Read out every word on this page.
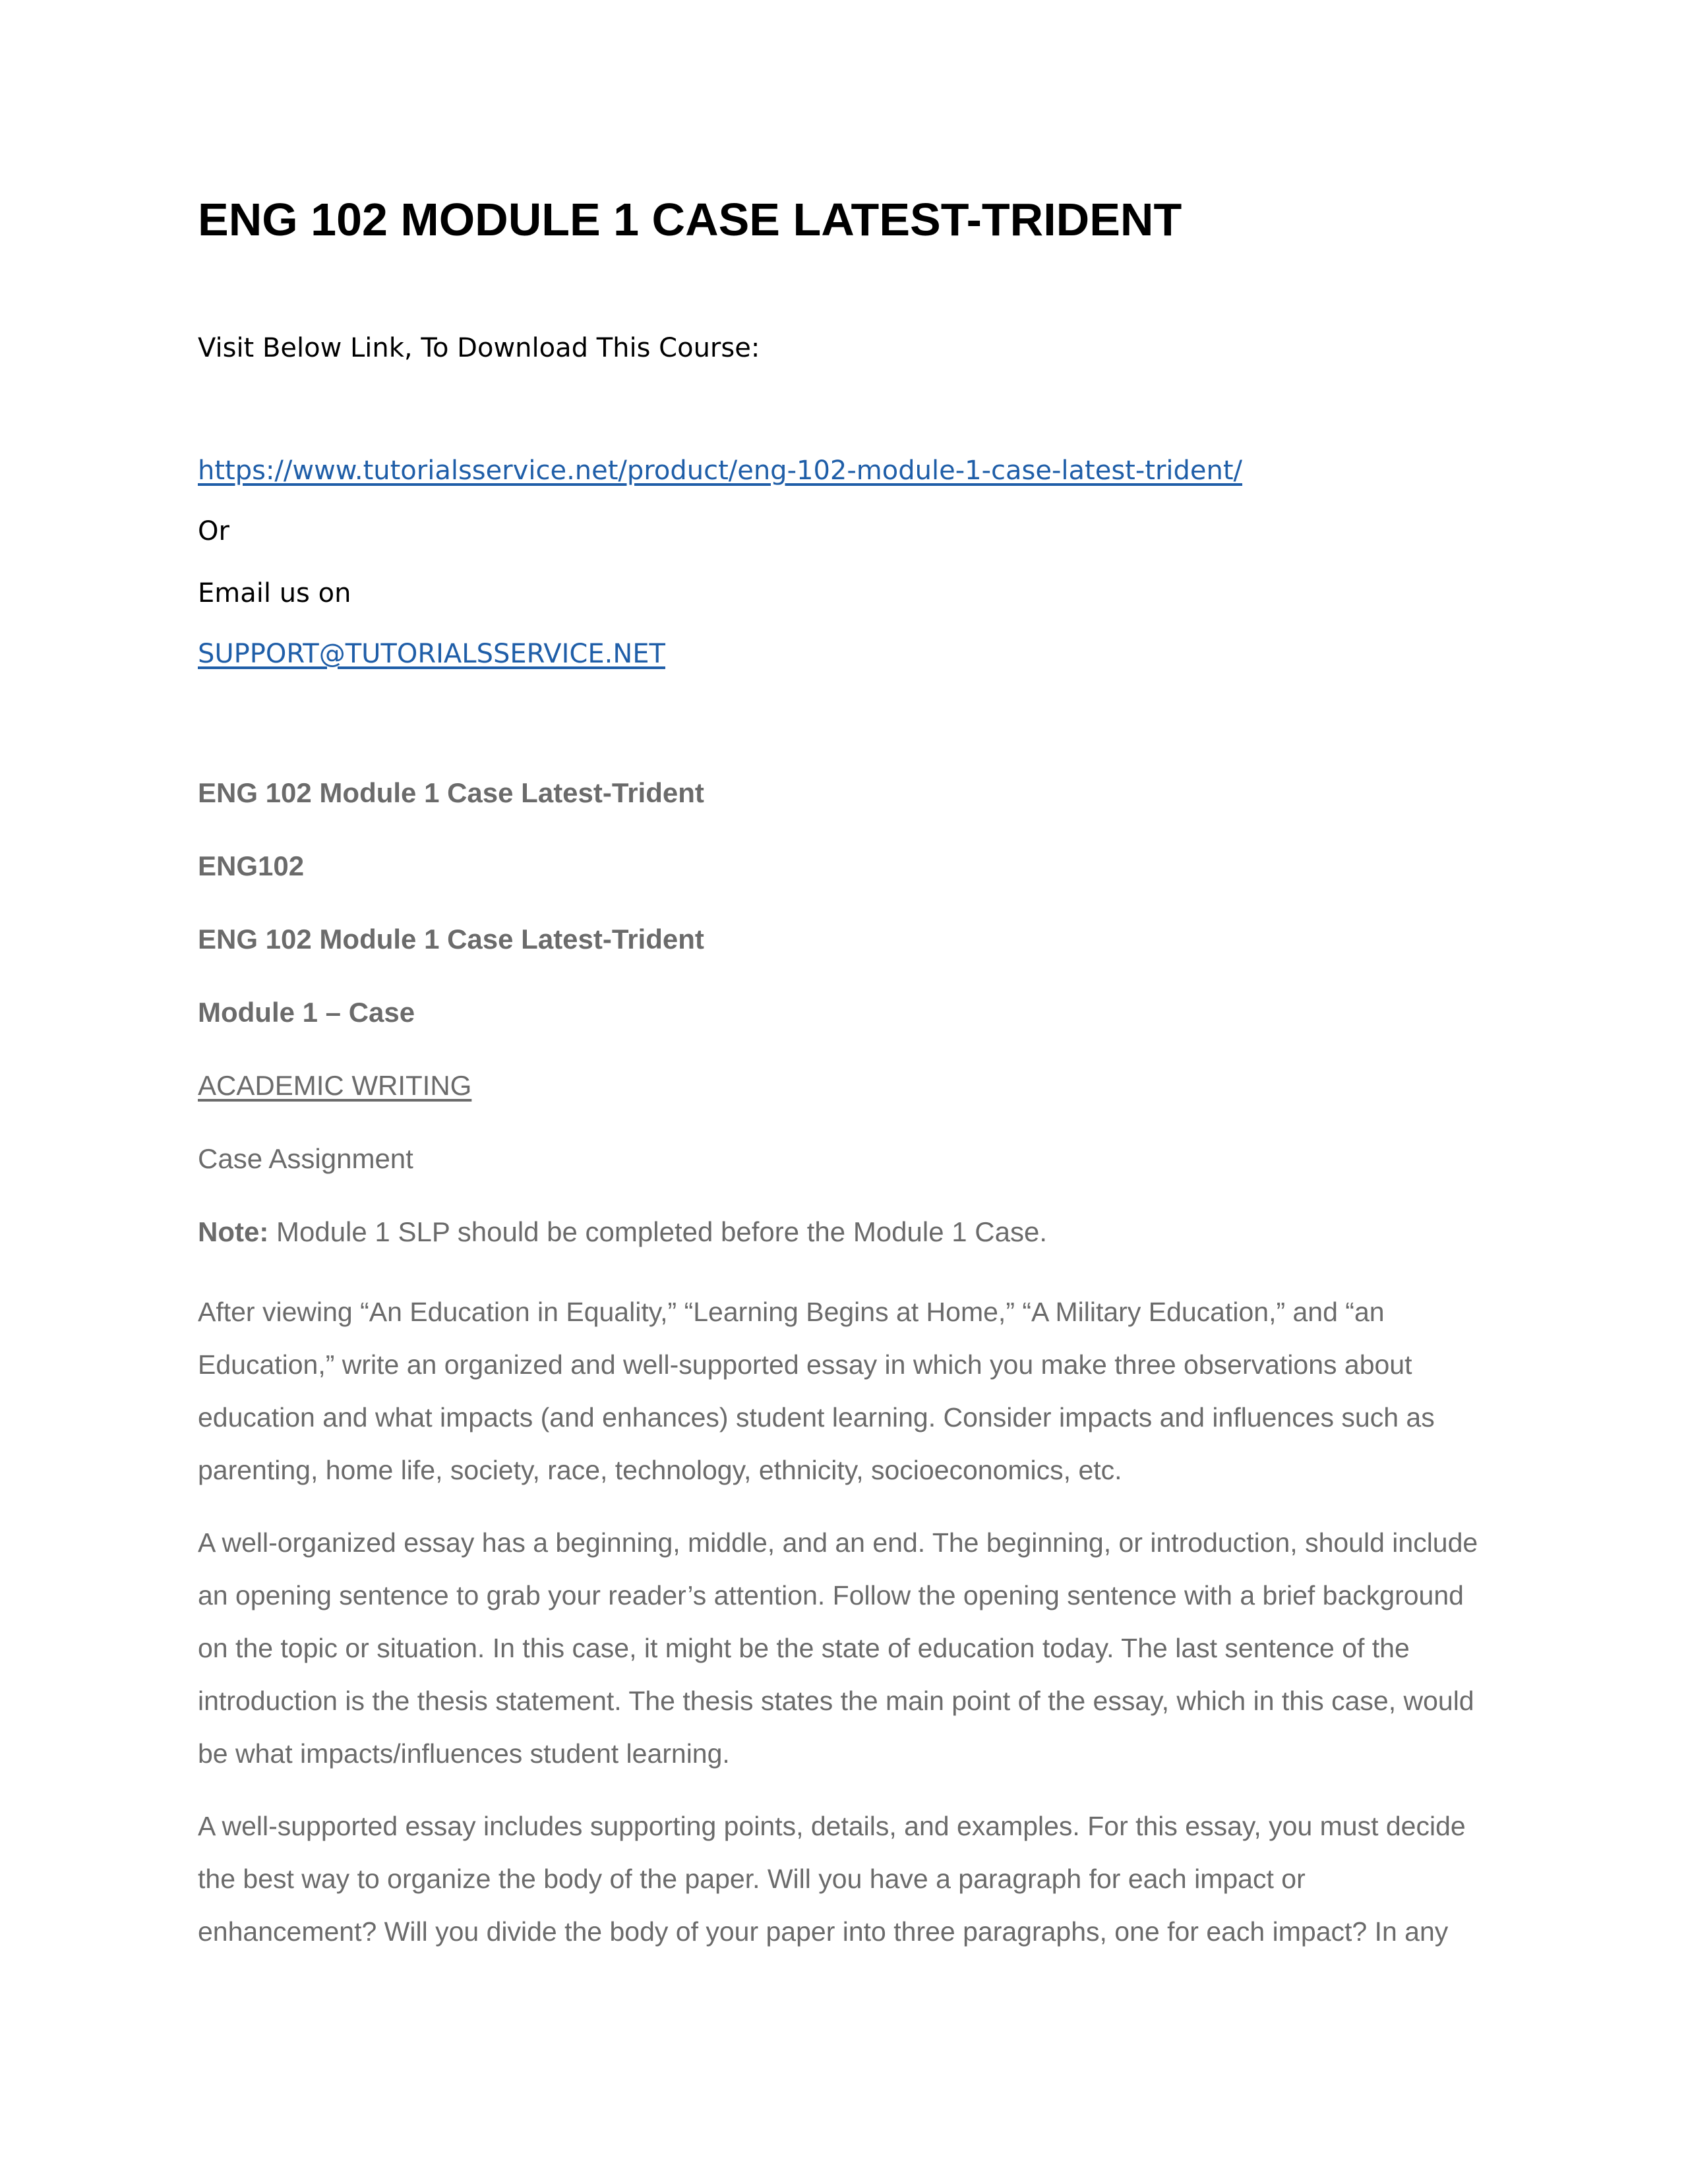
ENG 102 MODULE 1 CASE LATEST-TRIDENT

Visit Below Link, To Download This Course:

https://www.tutorialsservice.net/product/eng-102-module-1-case-latest-trident/

Or

Email us on

SUPPORT@TUTORIALSSERVICE.NET

ENG 102 Module 1 Case Latest-Trident

ENG102

ENG 102 Module 1 Case Latest-Trident

Module 1 – Case

ACADEMIC WRITING

Case Assignment

Note: Module 1 SLP should be completed before the Module 1 Case.

After viewing “An Education in Equality,” “Learning Begins at Home,” “A Military Education,” and “an Education,” write an organized and well-supported essay in which you make three observations about education and what impacts (and enhances) student learning. Consider impacts and influences such as parenting, home life, society, race, technology, ethnicity, socioeconomics, etc.

A well-organized essay has a beginning, middle, and an end. The beginning, or introduction, should include an opening sentence to grab your reader’s attention. Follow the opening sentence with a brief background on the topic or situation. In this case, it might be the state of education today. The last sentence of the introduction is the thesis statement. The thesis states the main point of the essay, which in this case, would be what impacts/influences student learning.

A well-supported essay includes supporting points, details, and examples. For this essay, you must decide the best way to organize the body of the paper. Will you have a paragraph for each impact or enhancement? Will you divide the body of your paper into three paragraphs, one for each impact? In any
